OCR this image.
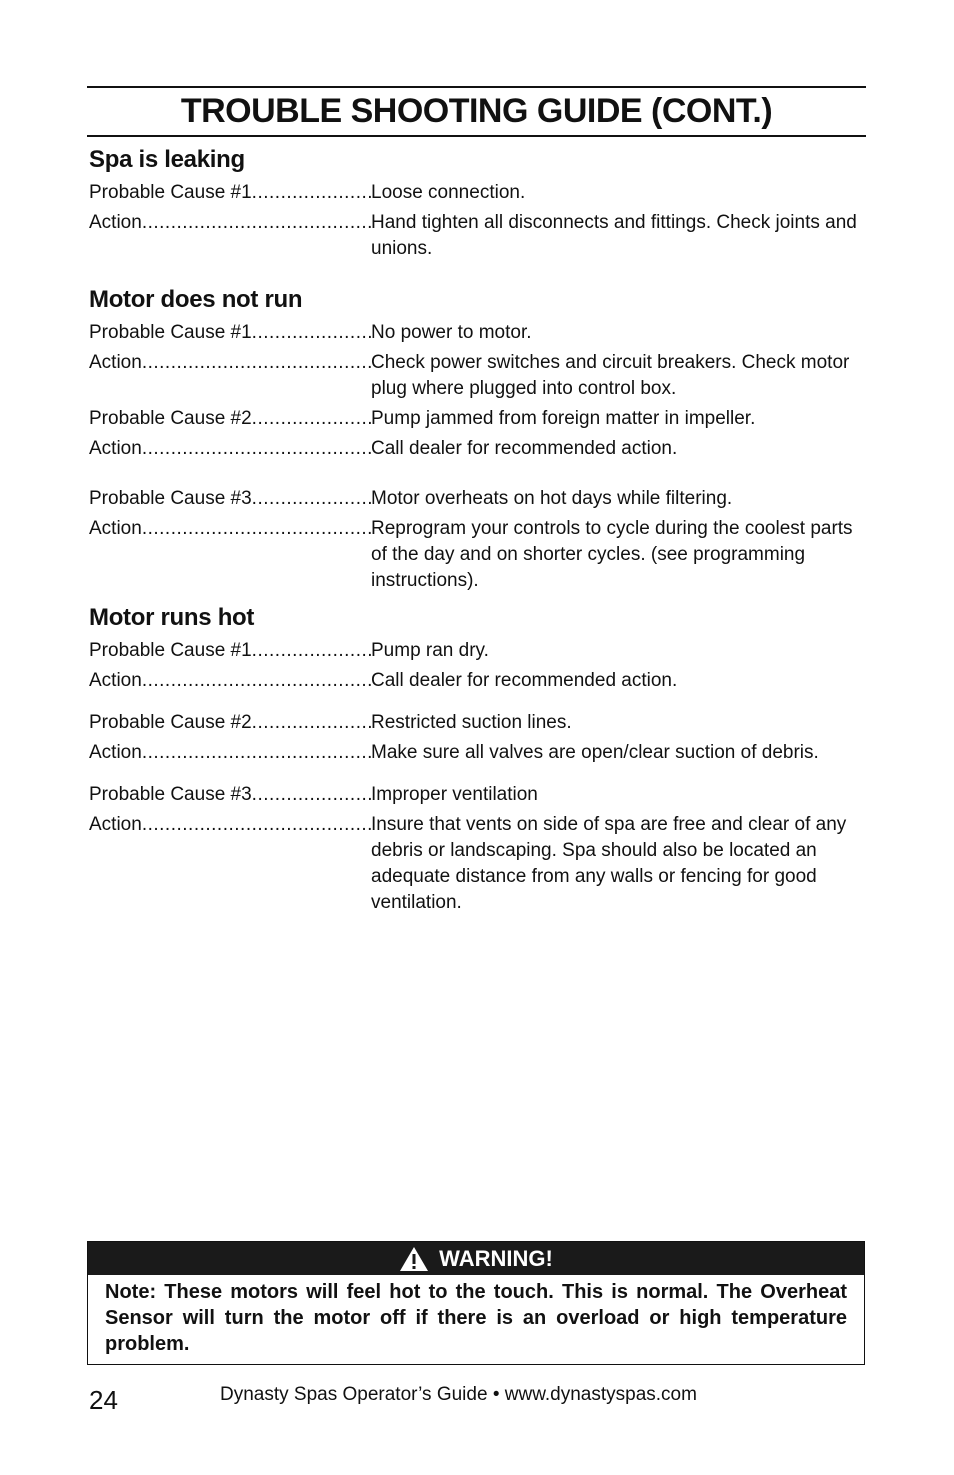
TROUBLE SHOOTING GUIDE (CONT.)
Spa is leaking
Probable Cause #1 .....	Loose connection.
Action .....	Hand tighten all disconnects and fittings. Check joints and unions.
Motor does not run
Probable Cause #1 .....	No power to motor.
Action .....	Check power switches and circuit breakers. Check motor plug where plugged into control box.
Probable Cause #2 .....	Pump jammed from foreign matter in impeller.
Action .....	Call dealer for recommended action.
Probable Cause #3 .....	Motor overheats on hot days while filtering.
Action .....	Reprogram your controls to cycle during the coolest parts of the day and on shorter cycles. (see programming instructions).
Motor runs hot
Probable Cause #1 .....	Pump ran dry.
Action .....	Call dealer for recommended action.
Probable Cause #2 .....	Restricted suction lines.
Action .....	Make sure all valves are open/clear suction of debris.
Probable Cause #3 .....	Improper ventilation
Action .....	Insure that vents on side of spa are free and clear of any debris or landscaping. Spa should also be located an adequate distance from any walls or fencing for good ventilation.
WARNING!
Note: These motors will feel hot to the touch. This is normal. The Overheat Sensor will turn the motor off if there is an overload or high temperature problem.
24	Dynasty Spas Operator’s Guide • www.dynastyspas.com
